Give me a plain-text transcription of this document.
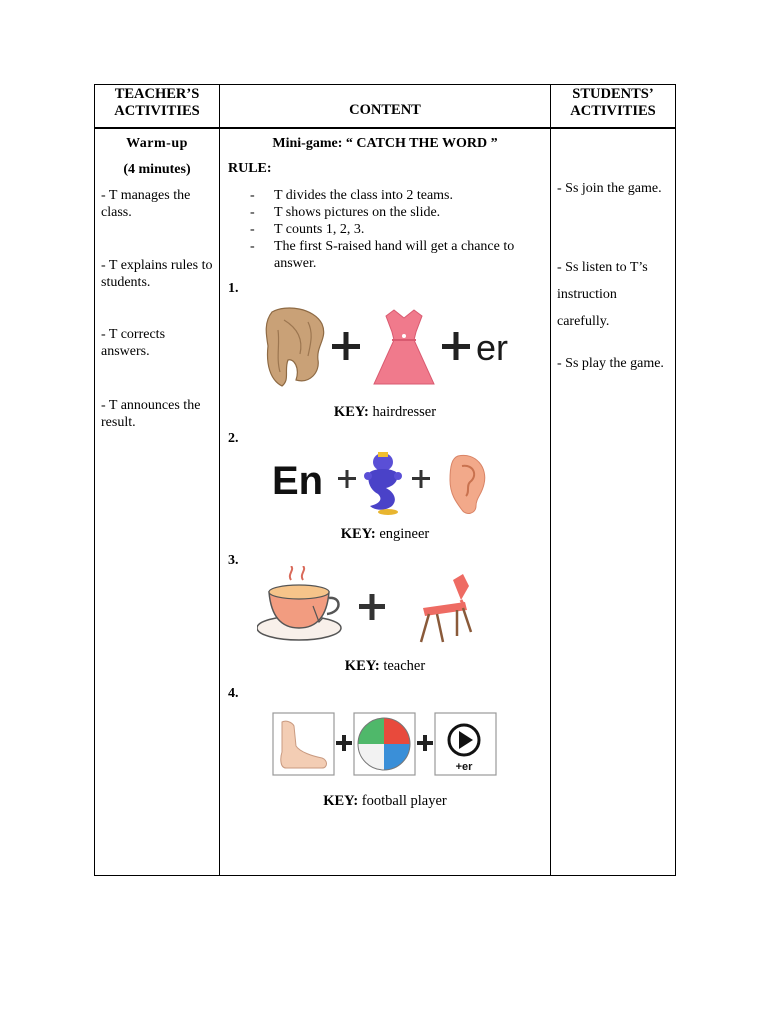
TEACHER’S ACTIVITIES	CONTENT
STUDENTS’ ACTIVITIES
Warm-up
(4 minutes)
- T manages the class.
- T explains rules to students.
- T corrects answers.
- T announces the result.
Mini-game: “ CATCH THE WORD ”
RULE:
- T divides the class into 2 teams.
- T shows pictures on the slide.
- T counts 1, 2, 3.
- The first S-raised hand will get a chance to answer.
1.
er
KEY: hairdresser
2.
En
KEY: engineer
3.
KEY: teacher
4.
+er
KEY: football player
- Ss join the game.
- Ss listen to T’s
instruction
carefully.
- Ss play the game.
